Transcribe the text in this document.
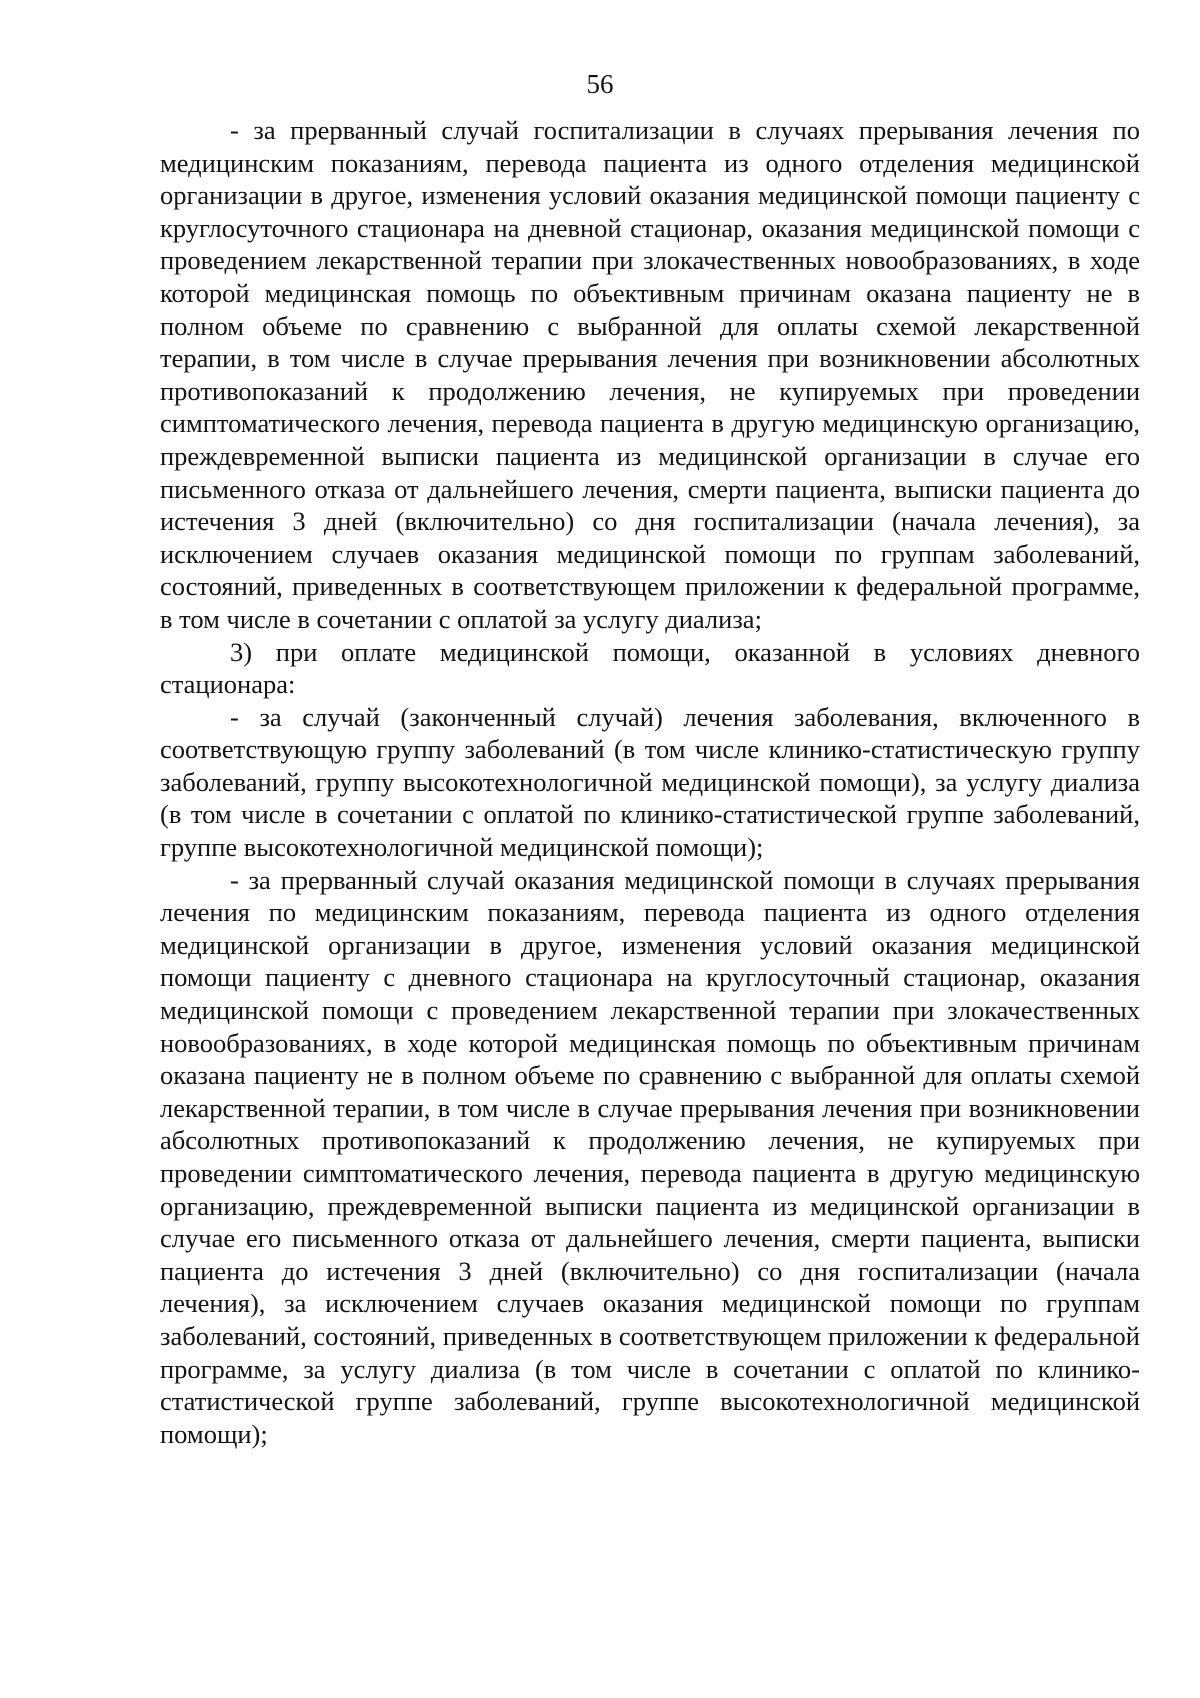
56

- за прерванный случай госпитализации в случаях прерывания лечения по медицинским показаниям, перевода пациента из одного отделения медицинской организации в другое, изменения условий оказания медицинской помощи пациенту с круглосуточного стационара на дневной стационар, оказания медицинской помощи с проведением лекарственной терапии при злокачественных новообразованиях, в ходе которой медицинская помощь по объективным причинам оказана пациенту не в полном объеме по сравнению с выбранной для оплаты схемой лекарственной терапии, в том числе в случае прерывания лечения при возникновении абсолютных противопоказаний к продолжению лечения, не купируемых при проведении симптоматического лечения, перевода пациента в другую медицинскую организацию, преждевременной выписки пациента из медицинской организации в случае его письменного отказа от дальнейшего лечения, смерти пациента, выписки пациента до истечения 3 дней (включительно) со дня госпитализации (начала лечения), за исключением случаев оказания медицинской помощи по группам заболеваний, состояний, приведенных в соответствующем приложении к федеральной программе, в том числе в сочетании с оплатой за услугу диализа;

3) при оплате медицинской помощи, оказанной в условиях дневного стационара:

- за случай (законченный случай) лечения заболевания, включенного в соответствующую группу заболеваний (в том числе клинико-статистическую группу заболеваний, группу высокотехнологичной медицинской помощи), за услугу диализа (в том числе в сочетании с оплатой по клинико-статистической группе заболеваний, группе высокотехнологичной медицинской помощи);

- за прерванный случай оказания медицинской помощи в случаях прерывания лечения по медицинским показаниям, перевода пациента из одного отделения медицинской организации в другое, изменения условий оказания медицинской помощи пациенту с дневного стационара на круглосуточный стационар, оказания медицинской помощи с проведением лекарственной терапии при злокачественных новообразованиях, в ходе которой медицинская помощь по объективным причинам оказана пациенту не в полном объеме по сравнению с выбранной для оплаты схемой лекарственной терапии, в том числе в случае прерывания лечения при возникновении абсолютных противопоказаний к продолжению лечения, не купируемых при проведении симптоматического лечения, перевода пациента в другую медицинскую организацию, преждевременной выписки пациента из медицинской организации в случае его письменного отказа от дальнейшего лечения, смерти пациента, выписки пациента до истечения 3 дней (включительно) со дня госпитализации (начала лечения), за исключением случаев оказания медицинской помощи по группам заболеваний, состояний, приведенных в соответствующем приложении к федеральной программе, за услугу диализа (в том числе в сочетании с оплатой по клинико-статистической группе заболеваний, группе высокотехнологичной медицинской помощи);
